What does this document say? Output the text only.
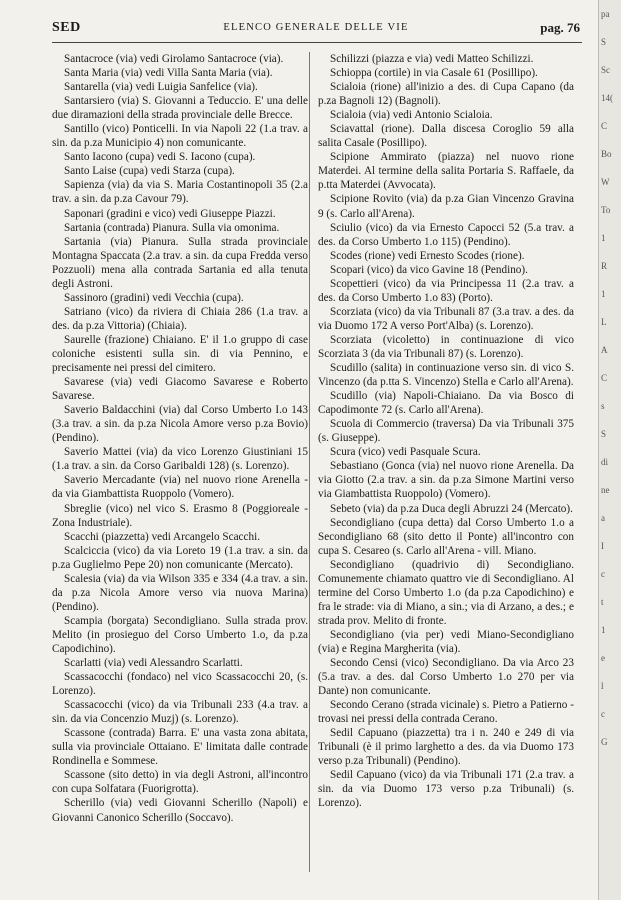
SED	ELENCO GENERALE DELLE VIE	pag. 76

Santacroce (via) vedi Girolamo Santacroce (via).

Santa Maria (via) vedi Villa Santa Maria (via).

Santarella (via) vedi Luigia Sanfelice (via).

Santarsiero (via) S. Giovanni a Teduccio. E' una delle due diramazioni della strada provinciale delle Brecce.

Santillo (vico) Ponticelli. In via Napoli 22 (1.a trav. a sin. da p.za Municipio 4) non comunicante.

Santo Iacono (cupa) vedi S. Iacono (cupa).

Santo Laise (cupa) vedi Starza (cupa).

Sapienza (via) da via S. Maria Costantinopoli 35 (2.a trav. a sin. da p.za Cavour 79).

Saponari (gradini e vico) vedi Giuseppe Piazzi.

Sartania (contrada) Pianura. Sulla via omonima.

Sartania (via) Pianura. Sulla strada provinciale Montagna Spaccata (2.a trav. a sin. da cupa Fredda verso Pozzuoli) mena alla contrada Sartania ed alla tenuta degli Astroni.

Sassinoro (gradini) vedi Vecchia (cupa).

Satriano (vico) da riviera di Chiaia 286 (1.a trav. a des. da p.za Vittoria) (Chiaia).

Saurelle (frazione) Chiaiano. E' il 1.o gruppo di case coloniche esistenti sulla sin. di via Pennino, e precisamente nei pressi del cimitero.

Savarese (via) vedi Giacomo Savarese e Roberto Savarese.

Saverio Baldacchini (via) dal Corso Umberto I.o 143 (3.a trav. a sin. da p.za Nicola Amore verso p.za Bovio) (Pendino).

Saverio Mattei (via) da vico Lorenzo Giustiniani 15 (1.a trav. a sin. da Corso Garibaldi 128) (s. Lorenzo).

Saverio Mercadante (via) nel nuovo rione Arenella - da via Giambattista Ruoppolo (Vomero).

Sbreglie (vico) nel vico S. Erasmo 8 (Poggioreale - Zona Industriale).

Scacchi (piazzetta) vedi Arcangelo Scacchi.

Scalciccia (vico) da via Loreto 19 (1.a trav. a sin. da p.za Guglielmo Pepe 20) non comunicante (Mercato).

Scalesia (via) da via Wilson 335 e 334 (4.a trav. a sin. da p.za Nicola Amore verso via nuova Marina) (Pendino).

Scampia (borgata) Secondigliano. Sulla strada prov. Melito (in prosieguo del Corso Umberto 1.o, da p.za Capodichino).

Scarlatti (via) vedi Alessandro Scarlatti.

Scassacocchi (fondaco) nel vico Scassacocchi 20, (s. Lorenzo).

Scassacocchi (vico) da via Tribunali 233 (4.a trav. a sin. da via Concenzio Muzj) (s. Lorenzo).

Scassone (contrada) Barra. E' una vasta zona abitata, sulla via provinciale Ottaiano. E' limitata dalle contrade Rondinella e Sommese.

Scassone (sito detto) in via degli Astroni, all'incontro con cupa Solfatara (Fuorigrotta).

Scherillo (via) vedi Giovanni Scherillo (Napoli) e Giovanni Canonico Scherillo (Soccavo).

Schilizzi (piazza e via) vedi Matteo Schilizzi.

Schioppa (cortile) in via Casale 61 (Posillipo).

Scialoia (rione) all'inizio a des. di Cupa Capano (da p.za Bagnoli 12) (Bagnoli).

Scialoia (via) vedi Antonio Scialoia.

Sciavattal (rione). Dalla discesa Coroglio 59 alla salita Casale (Posillipo).

Scipione Ammirato (piazza) nel nuovo rione Materdei. Al termine della salita Portaria S. Raffaele, da p.tta Materdei (Avvocata).

Scipione Rovito (via) da p.za Gian Vincenzo Gravina 9 (s. Carlo all'Arena).

Sciulio (vico) da via Ernesto Capocci 52 (5.a trav. a des. da Corso Umberto 1.o 115) (Pendino).

Scodes (rione) vedi Ernesto Scodes (rione).

Scopari (vico) da vico Gavine 18 (Pendino).

Scopettieri (vico) da via Principessa 11 (2.a trav. a des. da Corso Umberto 1.o 83) (Porto).

Scorziata (vico) da via Tribunali 87 (3.a trav. a des. da via Duomo 172 A verso Port'Alba) (s. Lorenzo).

Scorziata (vicoletto) in continuazione di vico Scorziata 3 (da via Tribunali 87) (s. Lorenzo).

Scudillo (salita) in continuazione verso sin. di vico S. Vincenzo (da p.tta S. Vincenzo) Stella e Carlo all'Arena).

Scudillo (via) Napoli-Chiaiano. Da via Bosco di Capodimonte 72 (s. Carlo all'Arena).

Scuola di Commercio (traversa) Da via Tribunali 375 (s. Giuseppe).

Scura (vico) vedi Pasquale Scura.

Sebastiano (Gonca (via) nel nuovo rione Arenella. Da via Giotto (2.a trav. a sin. da p.za Simone Martini verso via Giambattista Ruoppolo) (Vomero).

Sebeto (via) da p.za Duca degli Abruzzi 24 (Mercato).

Secondigliano (cupa detta) dal Corso Umberto 1.o a Secondigliano 68 (sito detto il Ponte) all'incontro con cupa S. Cesareo (s. Carlo all'Arena - vill. Miano.

Secondigliano (quadrivio di) Secondigliano. Comunemente chiamato quattro vie di Secondigliano. Al termine del Corso Umberto 1.o (da p.za Capodichino) e fra le strade: via di Miano, a sin.; via di Arzano, a des.; e strada prov. Melito di fronte.

Secondigliano (via per) vedi Miano-Secondigliano (via) e Regina Margherita (via).

Secondo Censi (vico) Secondigliano. Da via Arco 23 (5.a trav. a des. dal Corso Umberto 1.o 270 per via Dante) non comunicante.

Secondo Cerano (strada vicinale) s. Pietro a Patierno - trovasi nei pressi della contrada Cerano.

Sedil Capuano (piazzetta) tra i n. 240 e 249 di via Tribunali (è il primo larghetto a des. da via Duomo 173 verso p.za Tribunali) (Pendino).

Sedil Capuano (vico) da via Tribunali 171 (2.a trav. a sin. da via Duomo 173 verso p.za Tribunali) (s. Lorenzo).

pa
S
Sc
14(
C
Bo
W
To
1
R
1
L
A
C
s
S
di
ne
a
I
c
t
1
e
l
c
G
